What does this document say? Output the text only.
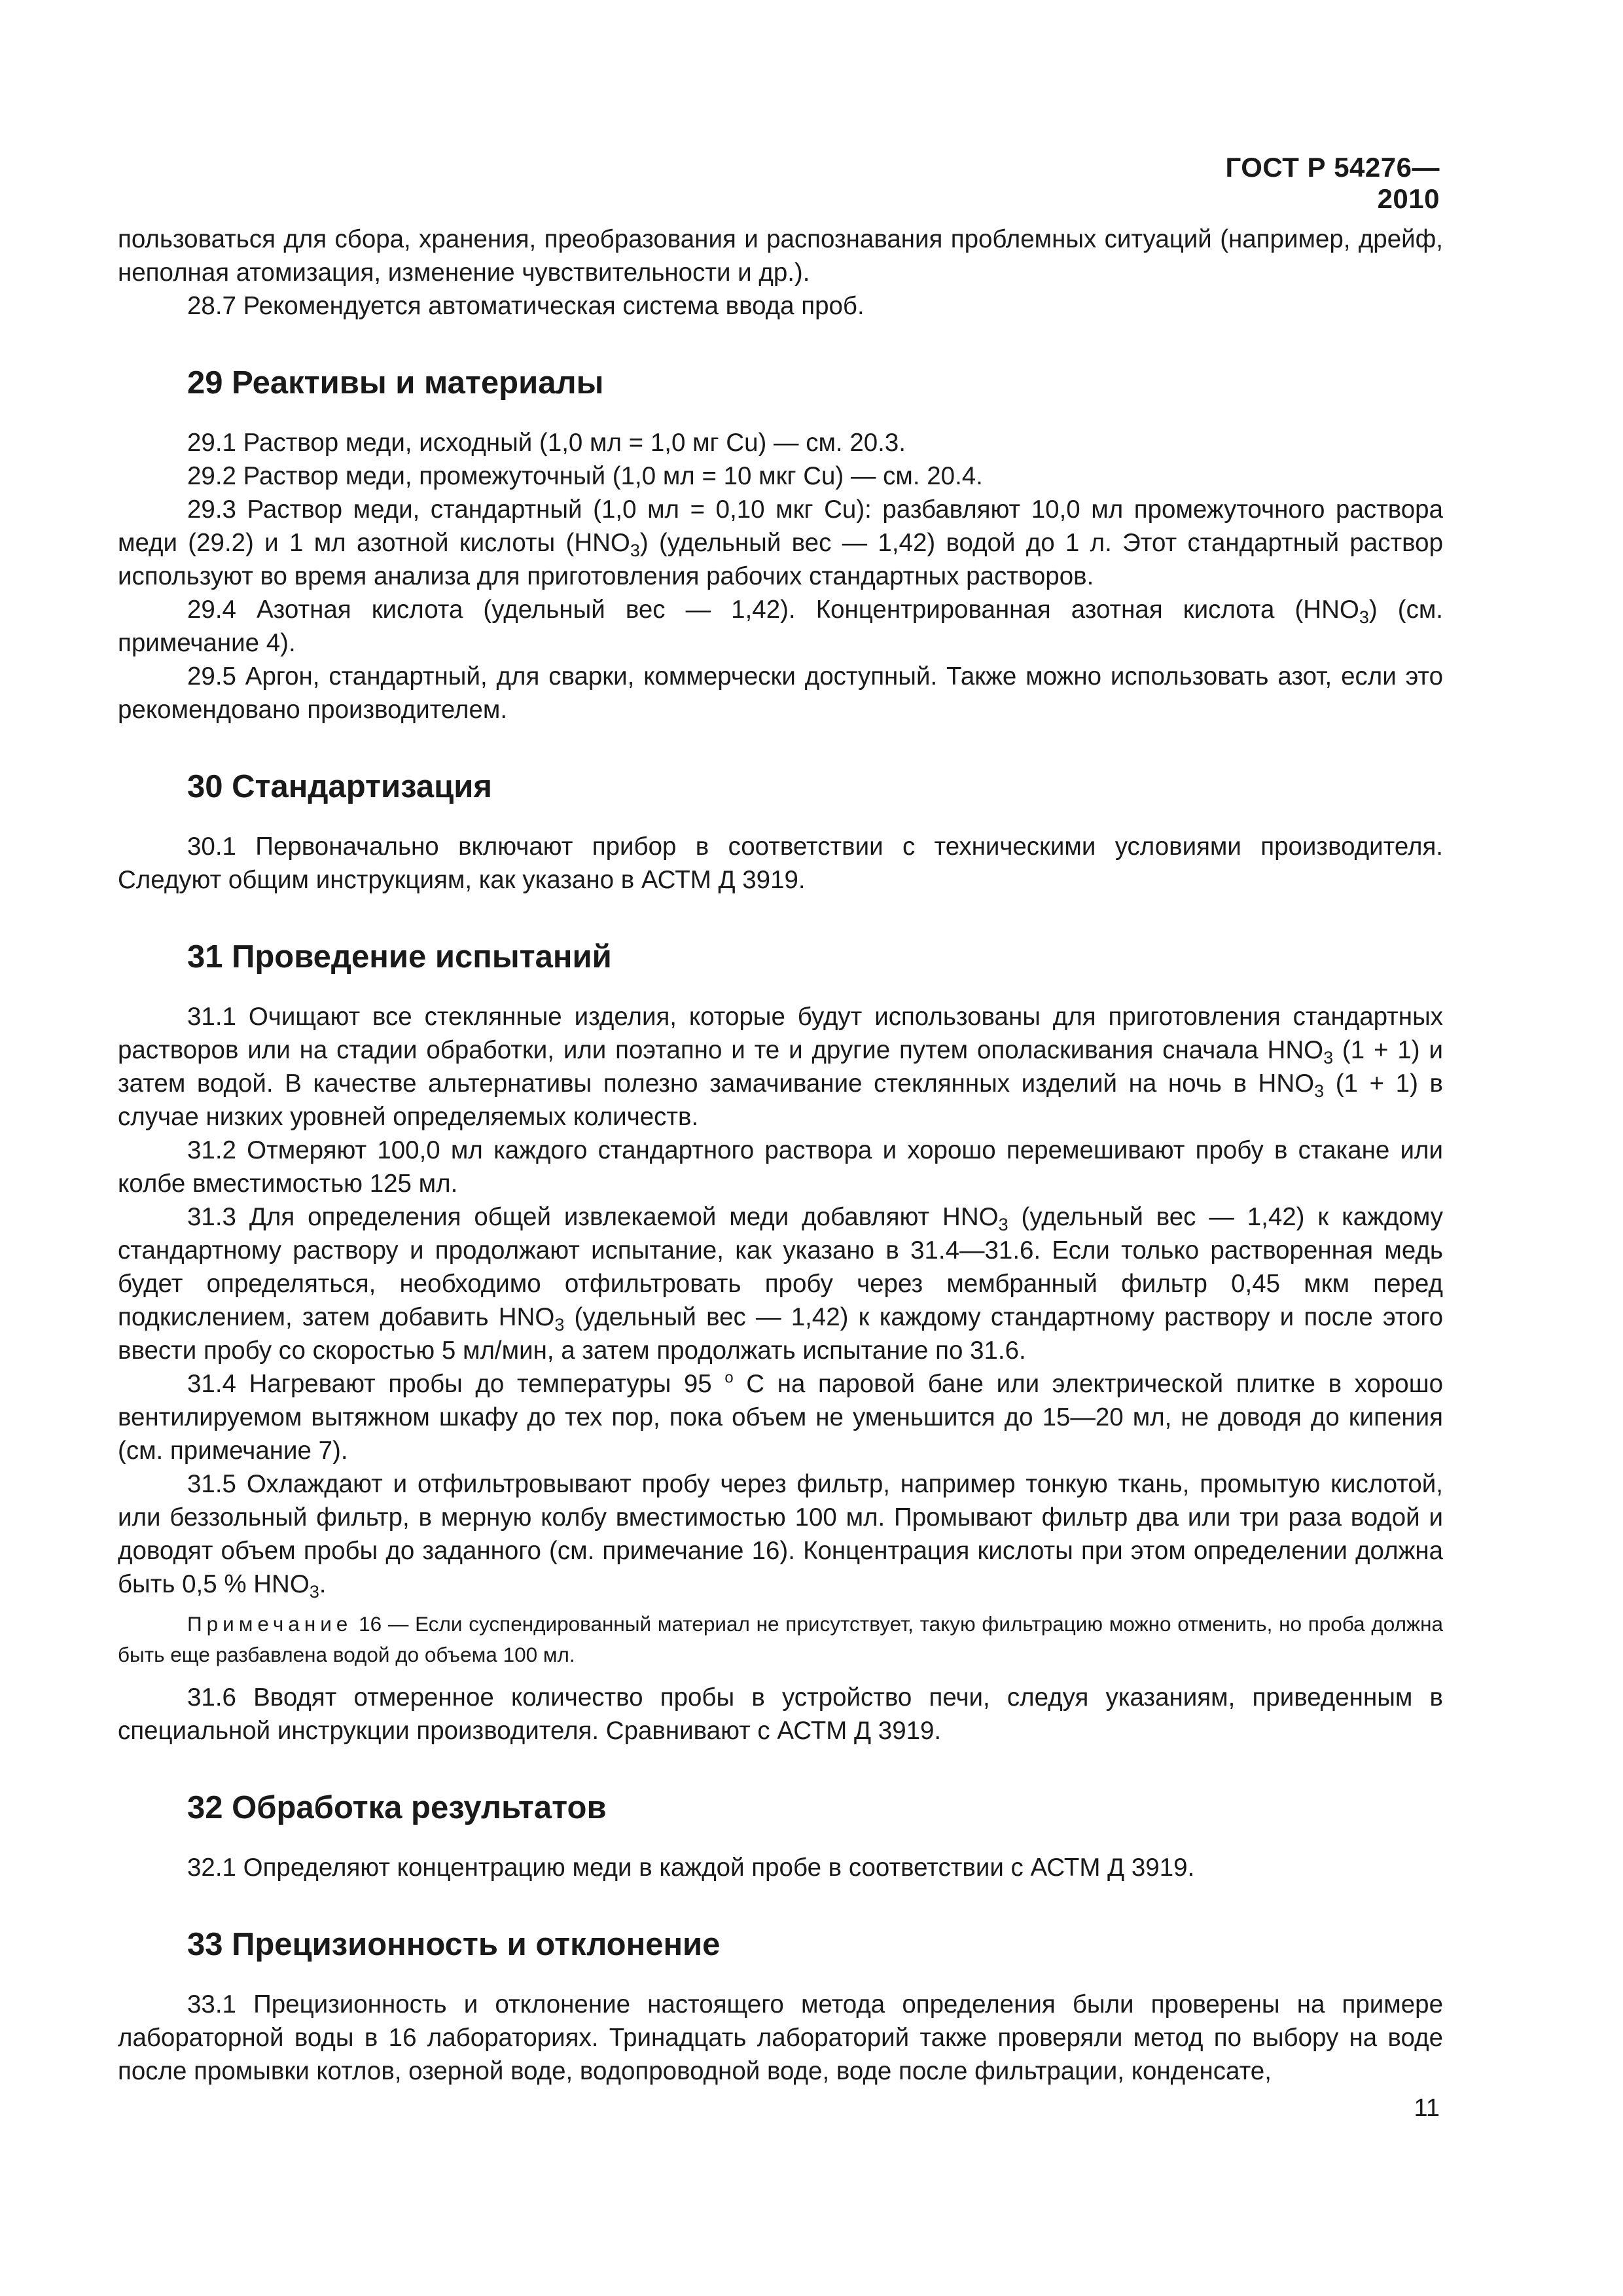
ГОСТ Р 54276—2010

пользоваться для сбора, хранения, преобразования и распознавания проблемных ситуаций (например, дрейф, неполная атомизация, изменение чувствительности и др.).

28.7 Рекомендуется автоматическая система ввода проб.

29 Реактивы и материалы

29.1 Раствор меди, исходный (1,0 мл = 1,0 мг Cu) — см. 20.3.

29.2 Раствор меди, промежуточный (1,0 мл = 10 мкг Cu) — см. 20.4.

29.3 Раствор меди, стандартный (1,0 мл = 0,10 мкг Cu): разбавляют 10,0 мл промежуточного раствора меди (29.2) и 1 мл азотной кислоты $(HNO_3)$ (удельный вес — 1,42) водой до 1 л. Этот стандартный раствор используют во время анализа для приготовления рабочих стандартных растворов.

29.4 Азотная кислота (удельный вес — 1,42). Концентрированная азотная кислота $(HNO_3)$ (см. примечание 4).

29.5 Аргон, стандартный, для сварки, коммерчески доступный. Также можно использовать азот, если это рекомендовано производителем.

30 Стандартизация

30.1 Первоначально включают прибор в соответствии с техническими условиями производителя. Следуют общим инструкциям, как указано в АСТМ Д 3919.

31 Проведение испытаний

31.1 Очищают все стеклянные изделия, которые будут использованы для приготовления стандартных растворов или на стадии обработки, или поэтапно и те и другие путем ополаскивания сначала $HNO_3$ (1 + 1) и затем водой. В качестве альтернативы полезно замачивание стеклянных изделий на ночь в $HNO_3$ (1 + 1) в случае низких уровней определяемых количеств.

31.2 Отмеряют 100,0 мл каждого стандартного раствора и хорошо перемешивают пробу в стакане или колбе вместимостью 125 мл.

31.3 Для определения общей извлекаемой меди добавляют $HNO_3$ (удельный вес — 1,42) к каждому стандартному раствору и продолжают испытание, как указано в 31.4—31.6. Если только растворенная медь будет определяться, необходимо отфильтровать пробу через мембранный фильтр 0,45 мкм перед подкислением, затем добавить $HNO_3$ (удельный вес — 1,42) к каждому стандартному раствору и после этого ввести пробу со скоростью 5 мл/мин, а затем продолжать испытание по 31.6.

31.4 Нагревают пробы до температуры 95 $^о$ С на паровой бане или электрической плитке в хорошо вентилируемом вытяжном шкафу до тех пор, пока объем не уменьшится до 15—20 мл, не доводя до кипения (см. примечание 7).

31.5 Охлаждают и отфильтровывают пробу через фильтр, например тонкую ткань, промытую кислотой, или беззольный фильтр, в мерную колбу вместимостью 100 мл. Промывают фильтр два или три раза водой и доводят объем пробы до заданного (см. примечание 16). Концентрация кислоты при этом определении должна быть 0,5 % $HNO_3$.

Примечание 16 — Если суспендированный материал не присутствует, такую фильтрацию можно отменить, но проба должна быть еще разбавлена водой до объема 100 мл.

31.6 Вводят отмеренное количество пробы в устройство печи, следуя указаниям, приведенным в специальной инструкции производителя. Сравнивают с АСТМ Д 3919.

32 Обработка результатов

32.1 Определяют концентрацию меди в каждой пробе в соответствии с АСТМ Д 3919.

33 Прецизионность и отклонение

33.1 Прецизионность и отклонение настоящего метода определения были проверены на примере лабораторной воды в 16 лабораториях. Тринадцать лабораторий также проверяли метод по выбору на воде после промывки котлов, озерной воде, водопроводной воде, воде после фильтрации, конденсате,

11
